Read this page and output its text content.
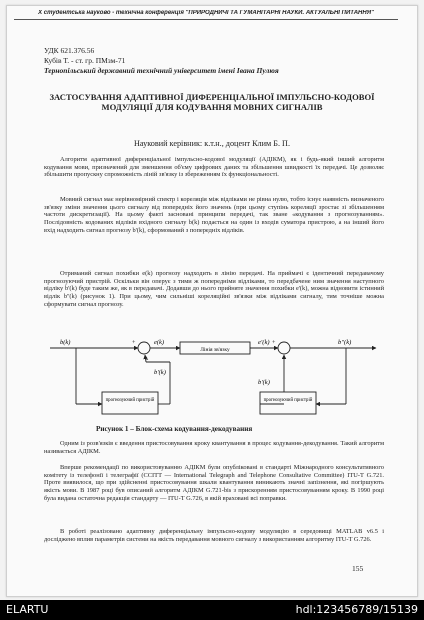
Х студентська науково - технічна конференція "ПРИРОДНИЧІ ТА ГУМАНІТАРНІ НАУКИ. АКТУАЛЬНІ ПИТАННЯ"
УДК 621.376.56
Кубів Т. - ст. гр. ПМзм-71
Тернопільський державний технічний університет імені Івана Пулюя
ЗАСТОСУВАННЯ АДАПТИВНОЇ ДИФЕРЕНЦІАЛЬНОЇ ІМПУЛЬСНО-КОДОВОЇ МОДУЛЯЦІЇ ДЛЯ КОДУВАННЯ МОВНИХ СИГНАЛІВ
Науковий керівник: к.т.н., доцент Клим Б. П.
Алгоритм адаптивної диференціальної імпульсно-кодової модуляції (АДІКМ), як і будь-який інший алгоритм кодування мови, призначений для зменшення об'єму цифрових даних та збільшення швидкості їх передачі. Це дозволяє збільшити пропускну спроможність ліній зв'язку із збереженням їх функціональності.
Мовний сигнал має нерівномірний спектр і кореляція між відліками не рівна нулю, тобто існує наявність визначеного зв'язку зміни значення цього сигналу від попередніх його значень (при цьому ступінь кореляції зростає зі збільшенням частоти дискретизації). На цьому факті засновані принципи передачі, так зване «кодування з прогнозуванням». Послідовність кодованих відліків вхідного сигналу b(k) подається на один із входів суматора пристрою, а на інший його вхід надходить сигнал прогнозу b'(k), сформований з попередніх відліків.
Отриманий сигнал похибки e(k) прогнозу надходить в лінію передачі. На приймачі є ідентичний передавачому прогнозуючий пристрій. Оскільки він оперує з тими ж попередніми відліками, то передбачене ним значення наступного відліку b'(k) буде таким же, як в передавачі. Додавши до нього прийняте значення похибки e'(k), можна відновити істинний відлік b''(k) (рисунок 1). При цьому, чим сильніші кореляційні зв'язки між відліками сигналу, тим точніше можна сформувати сигнал прогнозу.
b(k)	+
-
e(k)
Лінія зв'язку
e'(k) +	b''(k)
прогнозуючий пристрій
b'(k)
прогнозуючий пристрій
b'(k)
Рисунок 1 – Блок-схема кодування-декодування
Одним із розв'язків є введення пристосовування кроку квантування в процес кодування-декодування. Такий алгоритм називається АДІКМ.
Вперше рекомендації по використовуванню АДІКМ були опубліковані в стандарті Міжнародного консультативного комітету із телефонії і телеграфії (CCITT — International Telegraph and Telephone Consultative Committee) ITU-T G.721. Проте виявилося, що при здійсненні пристосовування шкали квантування виникають значні запізнення, які погіршують якість мови. В 1987 році був описаний алгоритм АДІКМ G.721-bis з прискоренням пристосовуванням кроку. В 1990 році була видана остаточна редакція стандарту — ITU-T G.726, в якій враховані всі поправки.
В роботі реалізовано адаптивну диференціальну імпульсно-кодову модуляцію в середовищі MATLAB v6.5 і досліджено вплив параметрів системи на якість передавання мовного сигналу з використанням алгоритму ITU-T G.726.
155
ELARTU	hdl:123456789/15139
